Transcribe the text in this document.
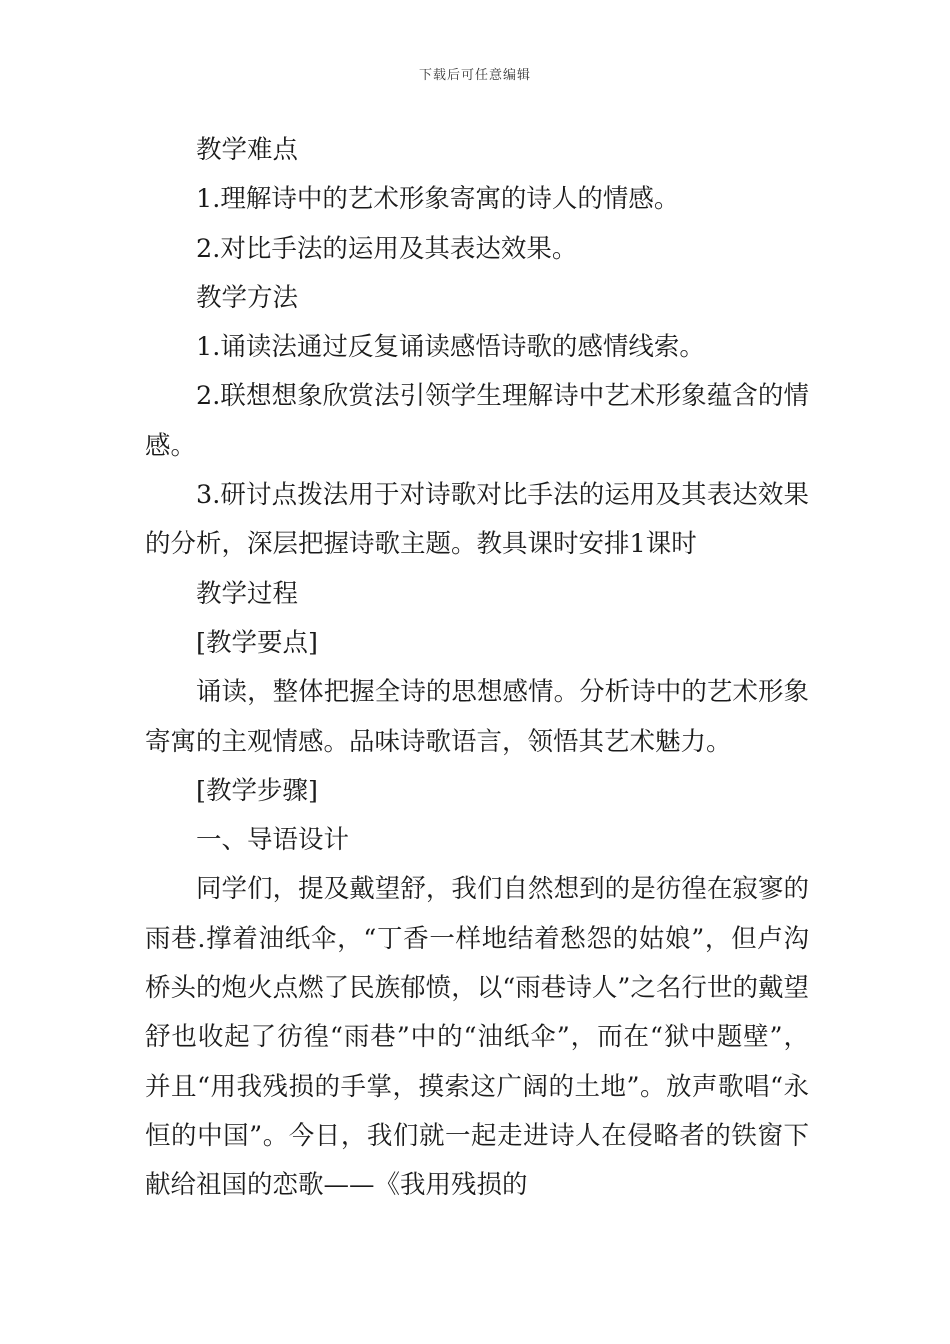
下载后可任意编辑

教学难点

1.理解诗中的艺术形象寄寓的诗人的情感。

2.对比手法的运用及其表达效果。

教学方法

1.诵读法通过反复诵读感悟诗歌的感情线索。

2.联想想象欣赏法引领学生理解诗中艺术形象蕴含的情感。

3.研讨点拨法用于对诗歌对比手法的运用及其表达效果的分析，深层把握诗歌主题。教具课时安排1课时

教学过程

[教学要点]

诵读，整体把握全诗的思想感情。分析诗中的艺术形象寄寓的主观情感。品味诗歌语言，领悟其艺术魅力。

[教学步骤]

一、导语设计

同学们，提及戴望舒，我们自然想到的是彷徨在寂寥的雨巷.撑着油纸伞，“丁香一样地结着愁怨的姑娘”，但卢沟桥头的炮火点燃了民族郁愤，以“雨巷诗人”之名行世的戴望舒也收起了彷徨“雨巷”中的“油纸伞”，而在“狱中题壁”，并且“用我残损的手掌，摸索这广阔的土地”。放声歌唱“永恒的中国”。今日，我们就一起走进诗人在侵略者的铁窗下献给祖国的恋歌——《我用残损的
